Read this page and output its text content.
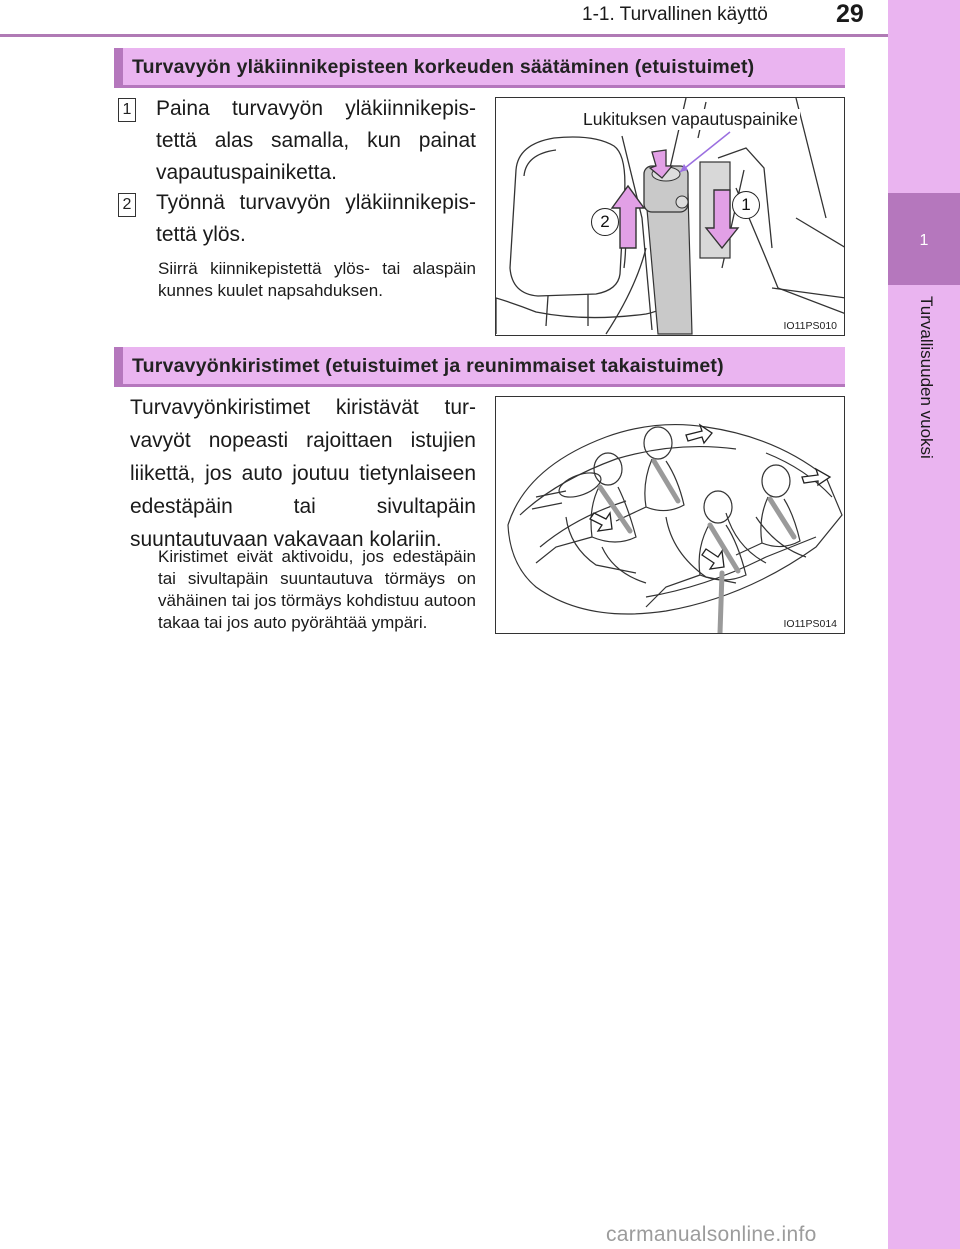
1-1. Turvallinen käyttö	29
1
Turvallisuuden vuoksi
Turvavyön yläkiinnikepisteen korkeuden säätäminen (etuistuimet)
1 Paina turvavyön yläkiinnikepistettä alas samalla, kun painat vapautuspainiketta.
2 Työnnä turvavyön yläkiinnikepistettä ylös.
Siirrä kiinnikepistettä ylös- tai alaspäin kunnes kuulet napsahduksen.
Lukituksen vapautuspainike
1
2
IO11PS010
Turvavyönkiristimet (etuistuimet ja reunimmaiset takaistuimet)
Turvavyönkiristimet kiristävät turvavyöt nopeasti rajoittaen istujien liikettä, jos auto joutuu tietynlaiseen edestäpäin tai sivultapäin suuntautuvaan vakavaan kolariin.
Kiristimet eivät aktivoidu, jos edestäpäin tai sivultapäin suuntautuva törmäys on vähäinen tai jos törmäys kohdistuu autoon takaa tai jos auto pyörähtää ympäri.	IO11PS014
carmanualsonline.info
